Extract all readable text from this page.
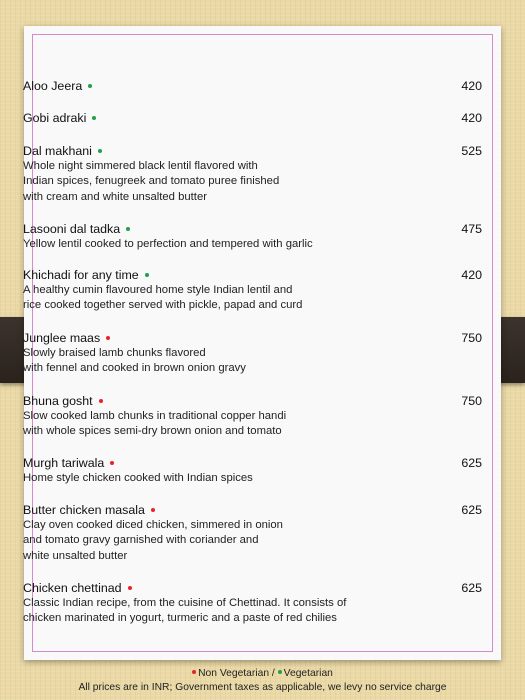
Aloo Jeera	420
Gobi adraki	420
Dal makhani	525
Whole night simmered black lentil flavored with
Indian spices, fenugreek and tomato puree finished
with cream and white unsalted butter
Lasooni dal tadka	475
Yellow lentil cooked to perfection and tempered with garlic
Khichadi for any time	420
A healthy cumin flavoured home style Indian lentil and
rice cooked together served with pickle, papad and curd
Junglee maas	750
Slowly braised lamb chunks flavored
with fennel and cooked in brown onion gravy
Bhuna gosht	750
Slow cooked lamb chunks in traditional copper handi
with whole spices semi-dry brown onion and tomato
Murgh tariwala	625
Home style chicken cooked with Indian spices
Butter chicken masala	625
Clay oven cooked diced chicken, simmered in onion
and tomato gravy garnished with coriander and
white unsalted butter
Chicken chettinad	625
Classic Indian recipe, from the cuisine of Chettinad. It consists of
chicken marinated in yogurt, turmeric and a paste of red chilies
Non Vegetarian / Vegetarian
All prices are in INR; Government taxes as applicable, we levy no service charge
